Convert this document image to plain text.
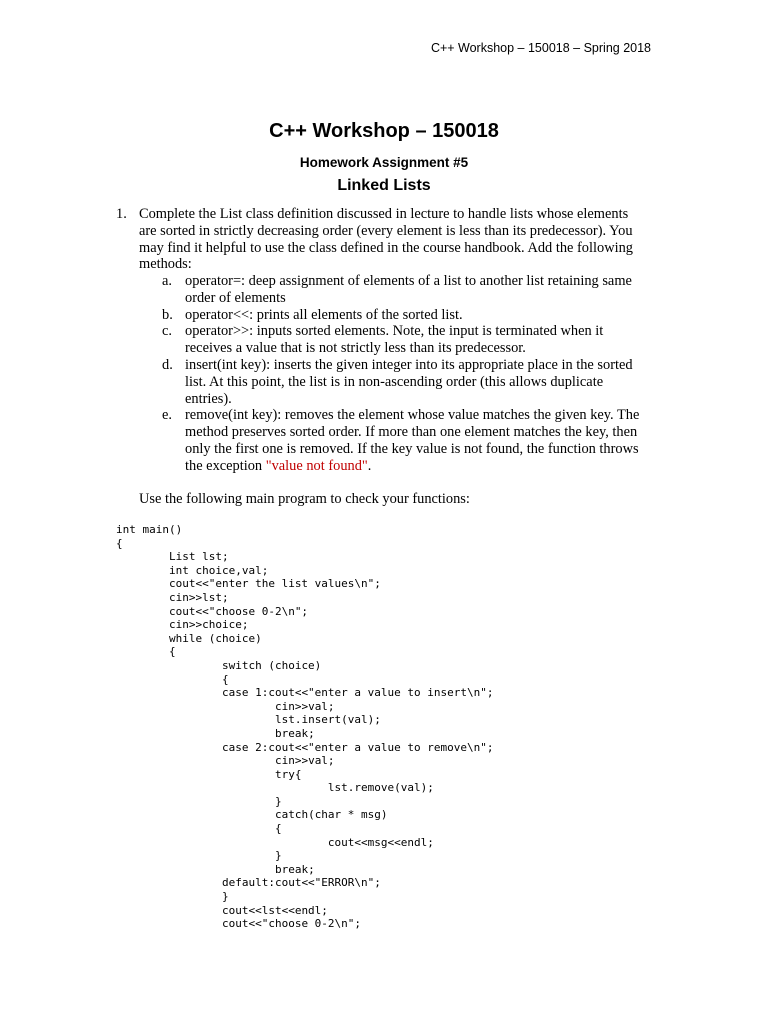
C++ Workshop – 150018 – Spring 2018
C++ Workshop – 150018
Homework Assignment #5
Linked Lists
1. Complete the List class definition discussed in lecture to handle lists whose elements are sorted in strictly decreasing order (every element is less than its predecessor). You may find it helpful to use the class defined in the course handbook. Add the following methods:
a. operator=: deep assignment of elements of a list to another list retaining same order of elements
b. operator<<: prints all elements of the sorted list.
c. operator>>: inputs sorted elements. Note, the input is terminated when it receives a value that is not strictly less than its predecessor.
d. insert(int key): inserts the given integer into its appropriate place in the sorted list. At this point, the list is in non-ascending order (this allows duplicate entries).
e. remove(int key): removes the element whose value matches the given key. The method preserves sorted order. If more than one element matches the key, then only the first one is removed. If the key value is not found, the function throws the exception "value not found".
Use the following main program to check your functions:
int main()
{
	List lst;
	int choice,val;
	cout<<"enter the list values\n";
	cin>>lst;
	cout<<"choose 0-2\n";
	cin>>choice;
	while (choice)
	{
		switch (choice)
		{
		case 1:cout<<"enter a value to insert\n";
			cin>>val;
			lst.insert(val);
			break;
		case 2:cout<<"enter a value to remove\n";
			cin>>val;
			try{
				lst.remove(val);
			}
			catch(char * msg)
			{
				cout<<msg<<endl;
			}
			break;
		default:cout<<"ERROR\n";
		}
		cout<<lst<<endl;
		cout<<"choose 0-2\n";
